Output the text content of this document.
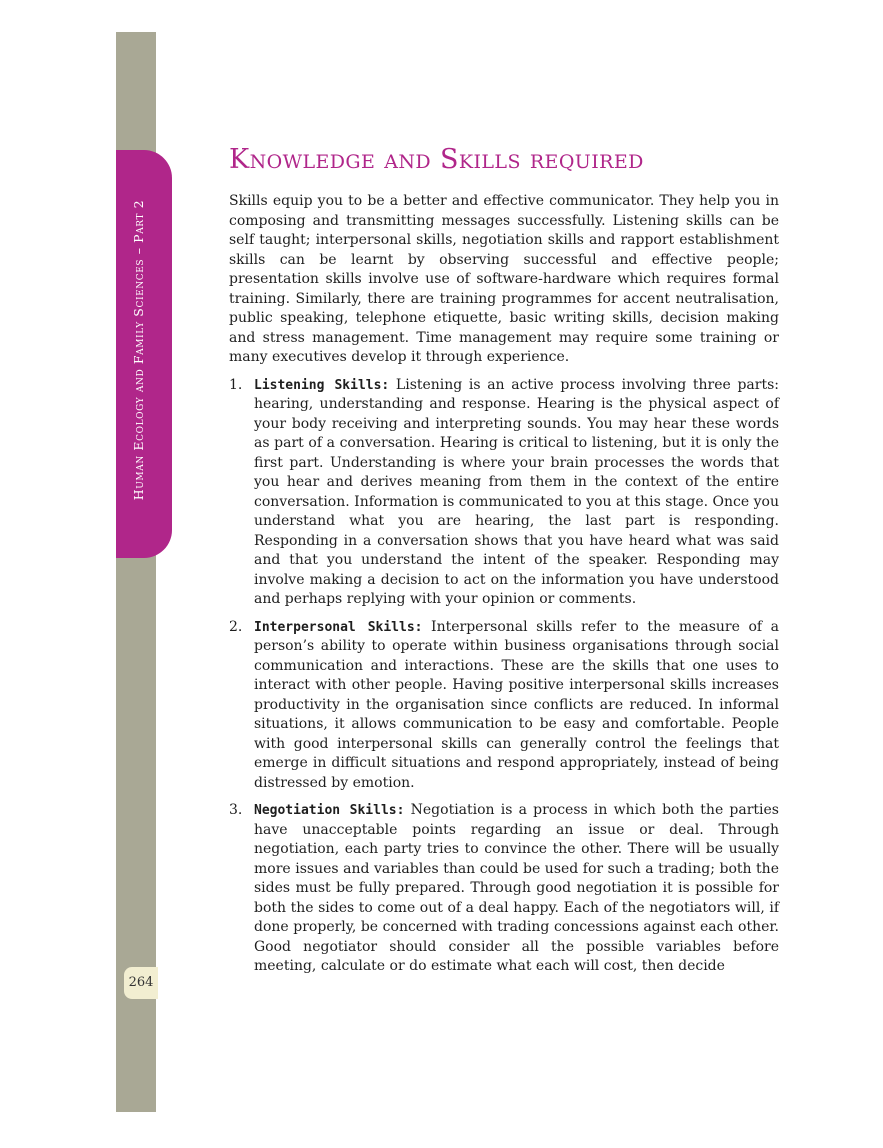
Human Ecology and Family Sciences – Part 2
264
Knowledge and Skills required

Skills equip you to be a better and effective communicator. They help you in composing and transmitting messages successfully. Listening skills can be self taught; interpersonal skills, negotiation skills and rapport establishment skills can be learnt by observing successful and effective people; presentation skills involve use of software-hardware which requires formal training. Similarly, there are training programmes for accent neutralisation, public speaking, telephone etiquette, basic writing skills, decision making and stress management. Time management may require some training or many executives develop it through experience.

1. Listening Skills: Listening is an active process involving three parts: hearing, understanding and response. Hearing is the physical aspect of your body receiving and interpreting sounds. You may hear these words as part of a conversation. Hearing is critical to listening, but it is only the first part. Understanding is where your brain processes the words that you hear and derives meaning from them in the context of the entire conversation. Information is communicated to you at this stage. Once you understand what you are hearing, the last part is responding. Responding in a conversation shows that you have heard what was said and that you understand the intent of the speaker. Responding may involve making a decision to act on the information you have understood and perhaps replying with your opinion or comments.
2. Interpersonal Skills: Interpersonal skills refer to the measure of a person’s ability to operate within business organisations through social communication and interactions. These are the skills that one uses to interact with other people. Having positive interpersonal skills increases productivity in the organisation since conflicts are reduced. In informal situations, it allows communication to be easy and comfortable. People with good interpersonal skills can generally control the feelings that emerge in difficult situations and respond appropriately, instead of being distressed by emotion.
3. Negotiation Skills: Negotiation is a process in which both the parties have unacceptable points regarding an issue or deal. Through negotiation, each party tries to convince the other. There will be usually more issues and variables than could be used for such a trading; both the sides must be fully prepared. Through good negotiation it is possible for both the sides to come out of a deal happy. Each of the negotiators will, if done properly, be concerned with trading concessions against each other. Good negotiator should consider all the possible variables before meeting, calculate or do estimate what each will cost, then decide
